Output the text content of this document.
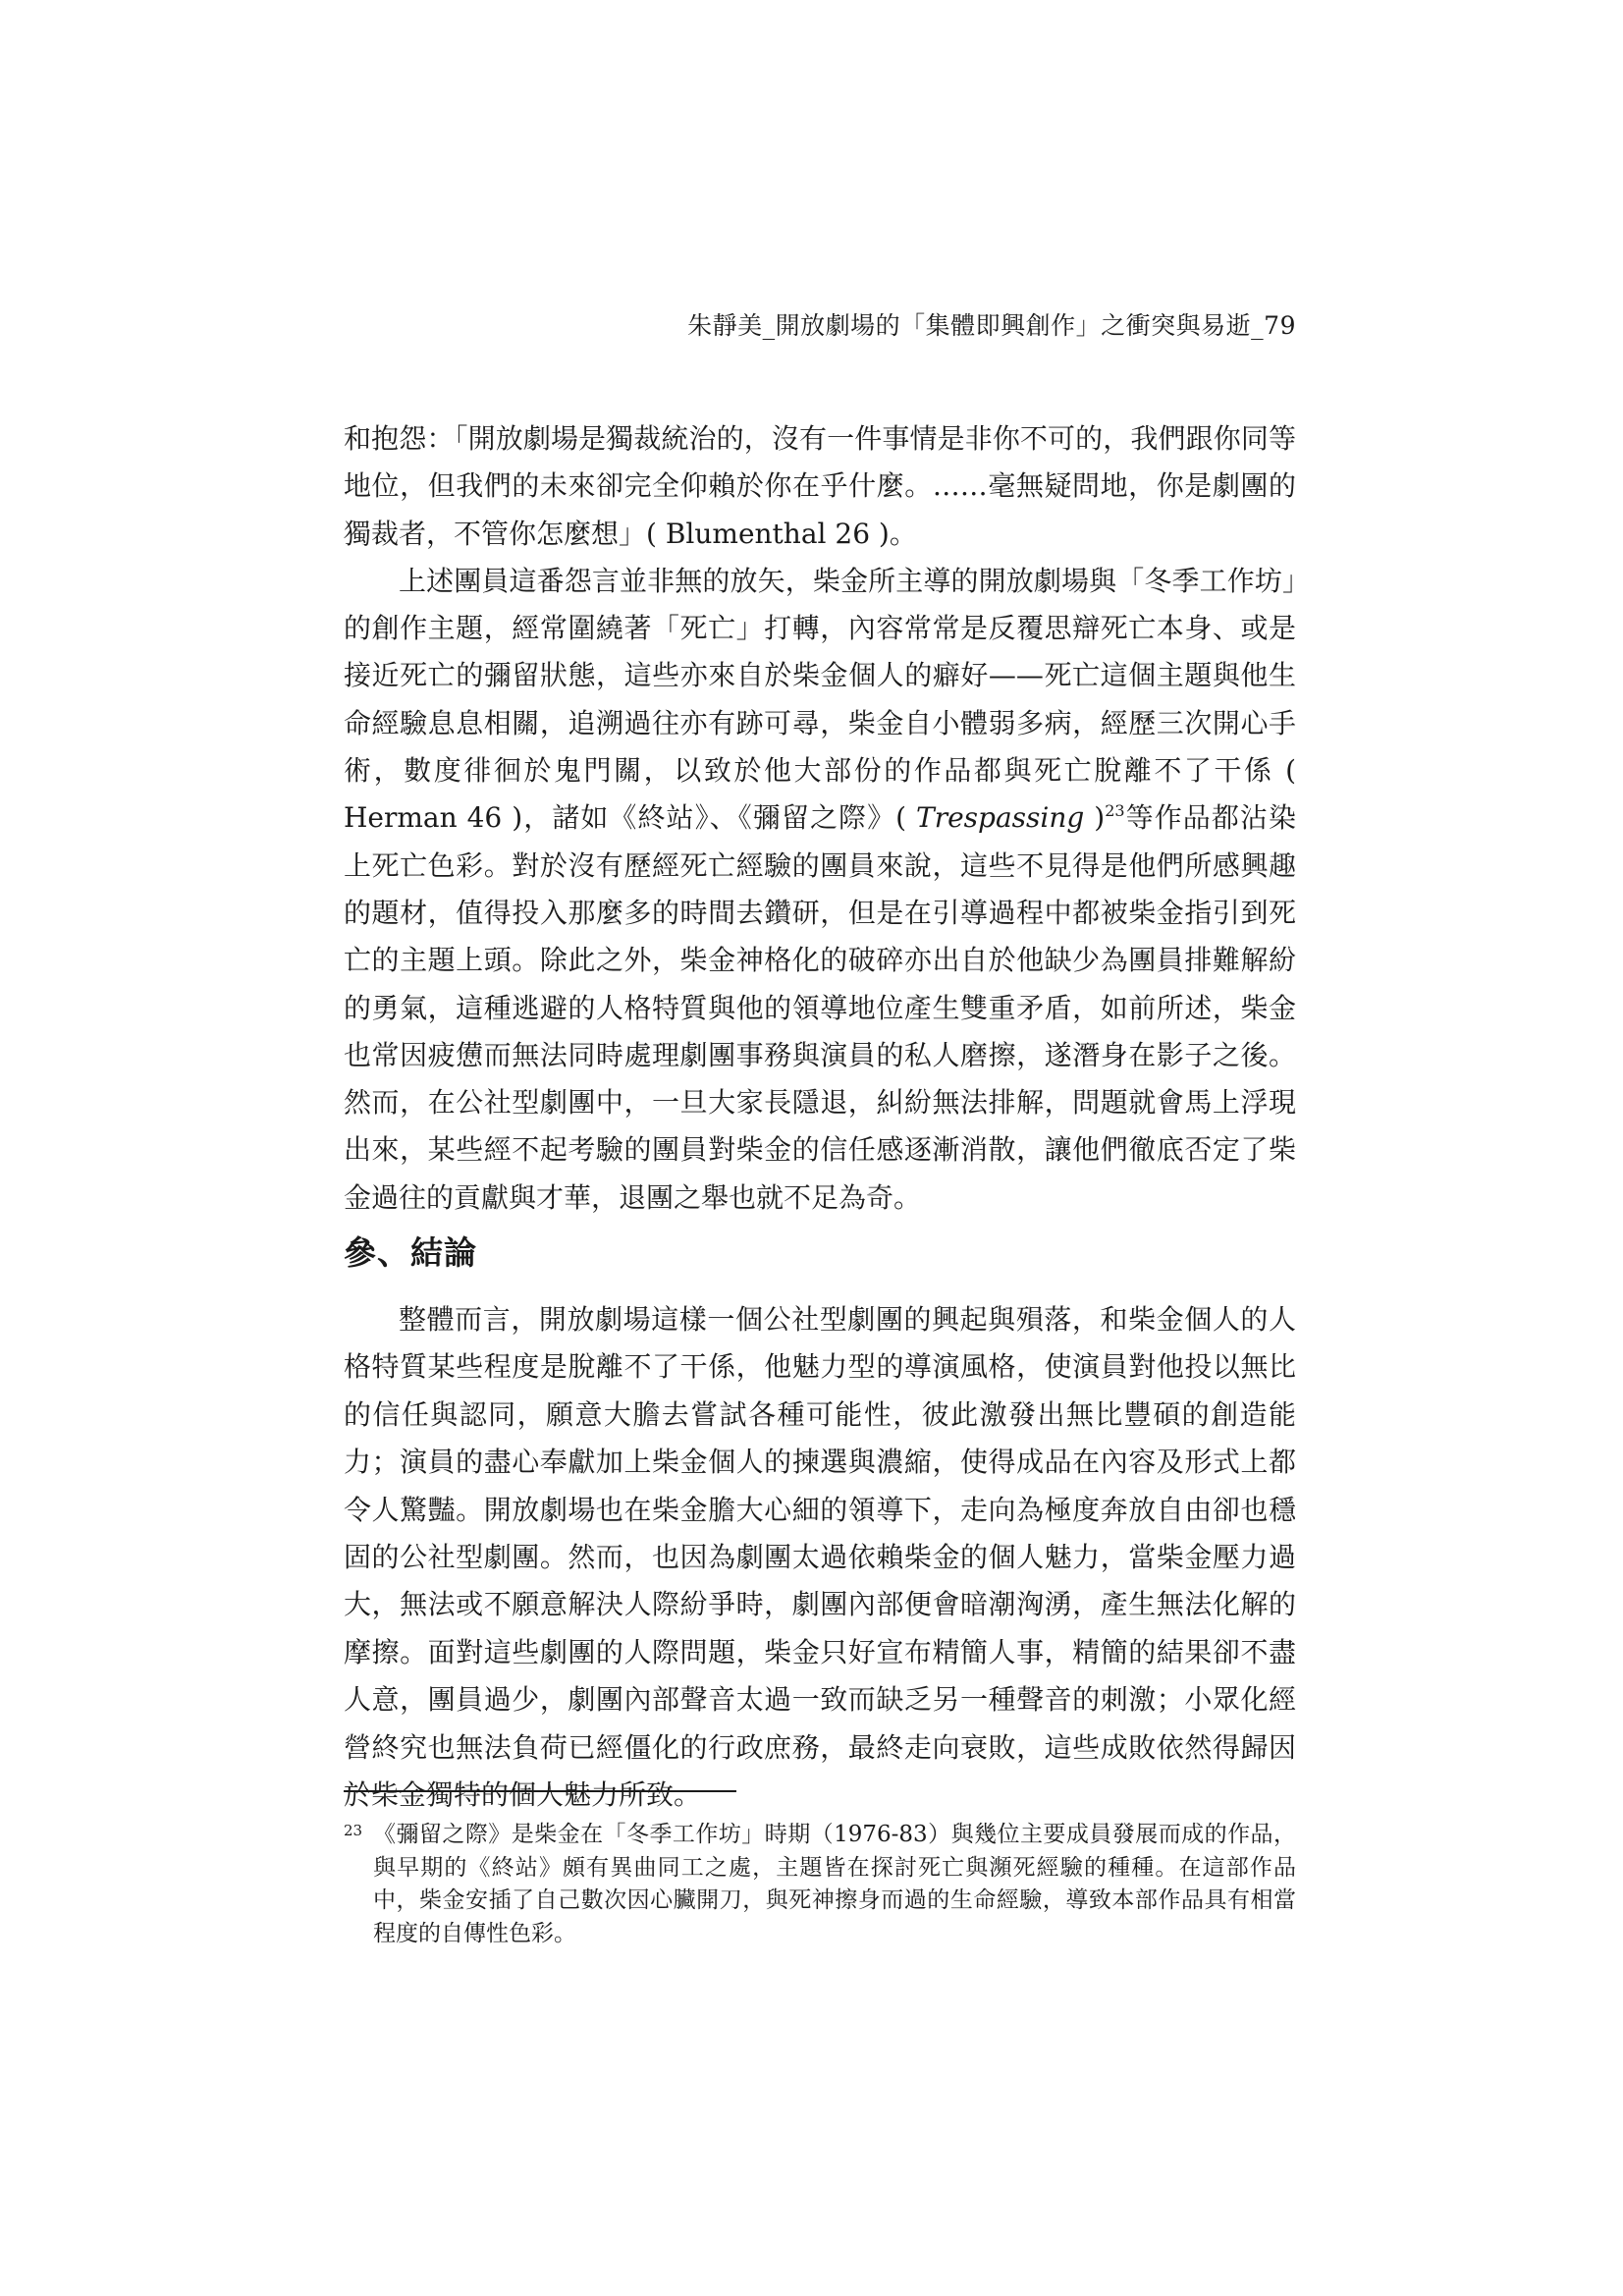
朱靜美_開放劇場的「集體即興創作」之衝突與易逝_79

和抱怨：「開放劇場是獨裁統治的，沒有一件事情是非你不可的，我們跟你同等地位，但我們的未來卻完全仰賴於你在乎什麼。……毫無疑問地，你是劇團的獨裁者，不管你怎麼想」( Blumenthal 26 )。

上述團員這番怨言並非無的放矢，柴金所主導的開放劇場與「冬季工作坊」的創作主題，經常圍繞著「死亡」打轉，內容常常是反覆思辯死亡本身、或是接近死亡的彌留狀態，這些亦來自於柴金個人的癖好——死亡這個主題與他生命經驗息息相關，追溯過往亦有跡可尋，柴金自小體弱多病，經歷三次開心手術，數度徘徊於鬼門關，以致於他大部份的作品都與死亡脫離不了干係 ( Herman 46 )，諸如《終站》、《彌留之際》( Trespassing )$^{23}$等作品都沾染上死亡色彩。對於沒有歷經死亡經驗的團員來說，這些不見得是他們所感興趣的題材，值得投入那麼多的時間去鑽研，但是在引導過程中都被柴金指引到死亡的主題上頭。除此之外，柴金神格化的破碎亦出自於他缺少為團員排難解紛的勇氣，這種逃避的人格特質與他的領導地位產生雙重矛盾，如前所述，柴金也常因疲憊而無法同時處理劇團事務與演員的私人磨擦，遂潛身在影子之後。然而，在公社型劇團中，一旦大家長隱退，糾紛無法排解，問題就會馬上浮現出來，某些經不起考驗的團員對柴金的信任感逐漸消散，讓他們徹底否定了柴金過往的貢獻與才華，退團之舉也就不足為奇。

參、結論

整體而言，開放劇場這樣一個公社型劇團的興起與殞落，和柴金個人的人格特質某些程度是脫離不了干係，他魅力型的導演風格，使演員對他投以無比的信任與認同，願意大膽去嘗試各種可能性，彼此激發出無比豐碩的創造能力；演員的盡心奉獻加上柴金個人的揀選與濃縮，使得成品在內容及形式上都令人驚豔。開放劇場也在柴金膽大心細的領導下，走向為極度奔放自由卻也穩固的公社型劇團。然而，也因為劇團太過依賴柴金的個人魅力，當柴金壓力過大，無法或不願意解決人際紛爭時，劇團內部便會暗潮洶湧，產生無法化解的摩擦。面對這些劇團的人際問題，柴金只好宣布精簡人事，精簡的結果卻不盡人意，團員過少，劇團內部聲音太過一致而缺乏另一種聲音的刺激；小眾化經營終究也無法負荷已經僵化的行政庶務，最終走向衰敗，這些成敗依然得歸因於柴金獨特的個人魅力所致。

23 《彌留之際》是柴金在「冬季工作坊」時期（1976-83）與幾位主要成員發展而成的作品，與早期的《終站》頗有異曲同工之處，主題皆在探討死亡與瀕死經驗的種種。在這部作品中，柴金安插了自己數次因心臟開刀，與死神擦身而過的生命經驗，導致本部作品具有相當程度的自傳性色彩。
